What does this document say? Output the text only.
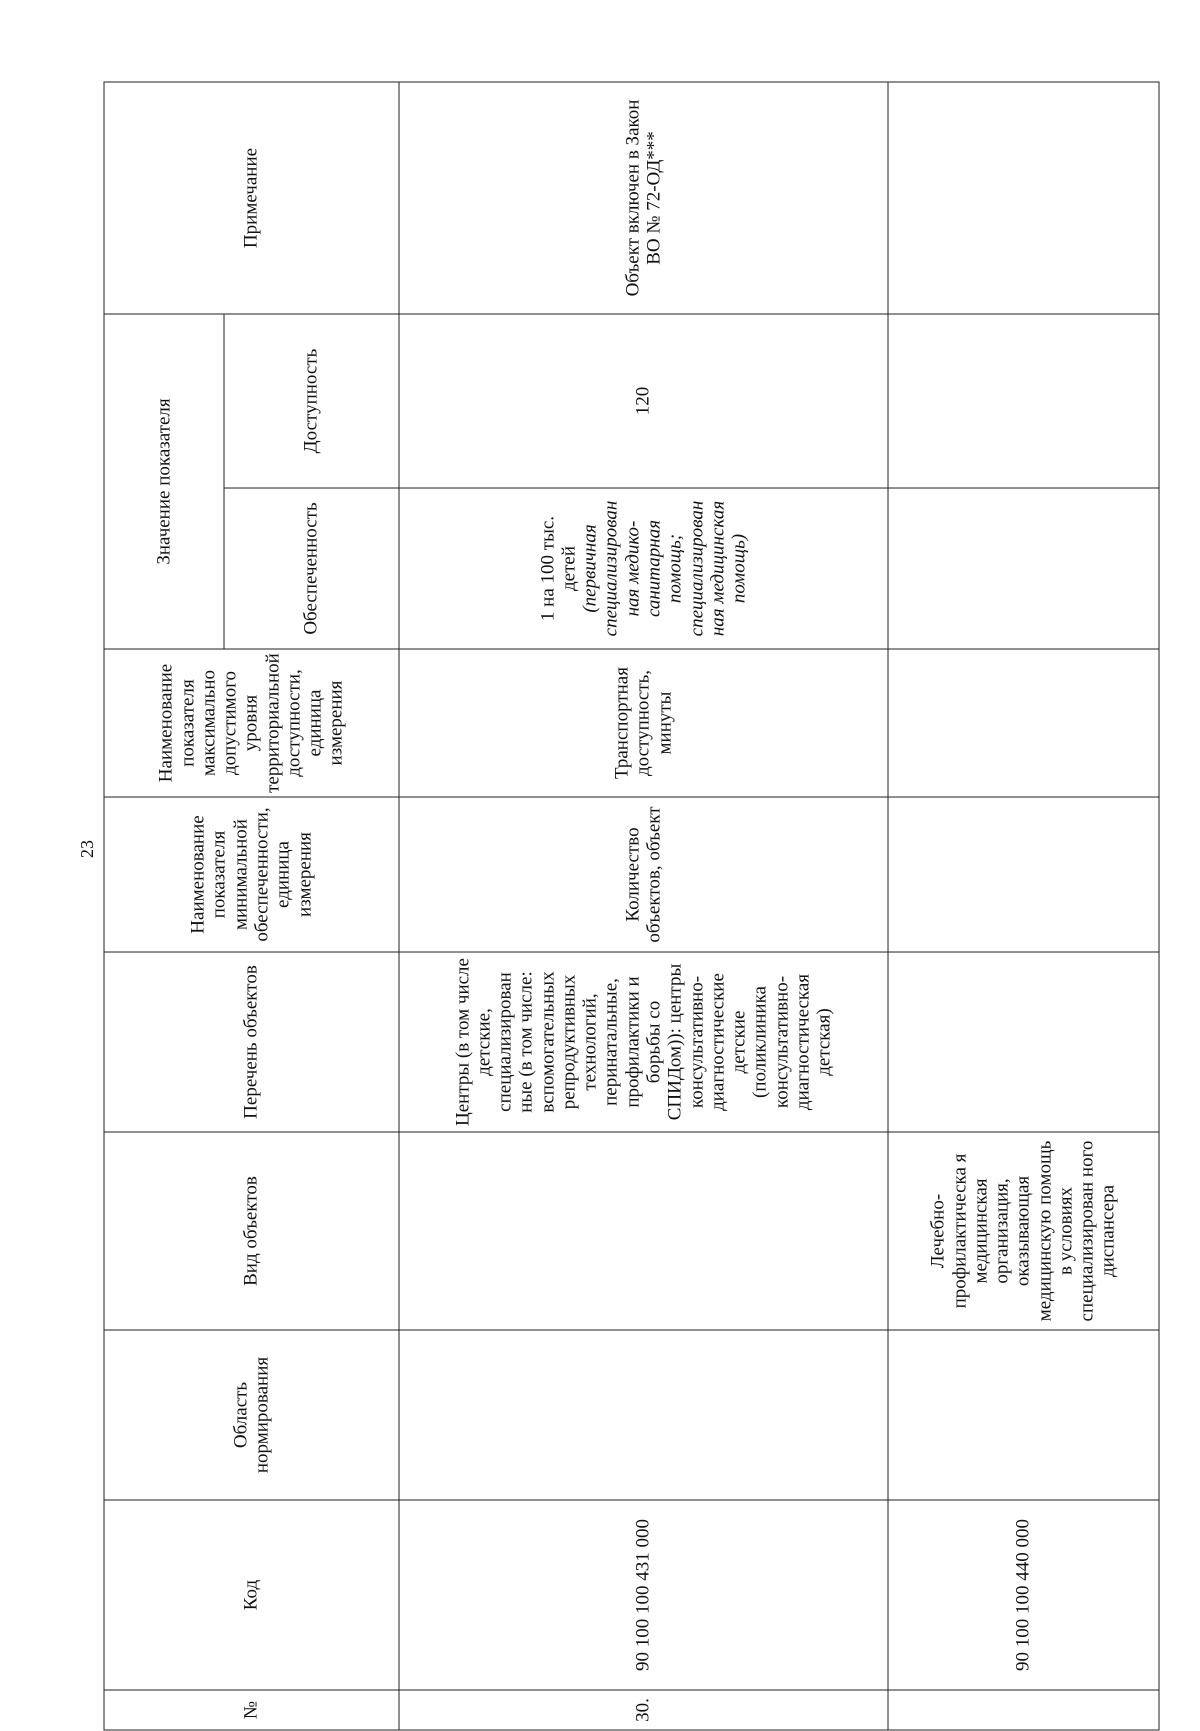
23
№	Код	Область нормирования	Вид объектов	Перечень объектов	Наименование показателя минимальной обеспеченности, единица измерения	Наименование показателя максимально допустимого уровня территориальной доступности, единица измерения	Значение показателя		Примечание
							Обеспеченность	Доступность	
30.	90 100 100 431 000			Центры (в том числе детские, специализирован ные (в том числе: вспомогательных репродуктивных технологий, перинатальные, профилактики и борьбы со СПИДом)): центры консультативно-диагностические детские (поликлиника консультативно-диагностическая детская)	Количество объектов, объект	Транспортная доступность, минуты	1 на 100 тыс. детей (первичная специализирован ная медико-санитарная помощь; специализирован ная медицинская помощь)	120	Объект включен в Закон ВО № 72-ОД***
	90 100 100 440 000		Лечебно-профилактическа я медицинская организация, оказывающая медицинскую помощь в условиях специализирован ного диспансера				
